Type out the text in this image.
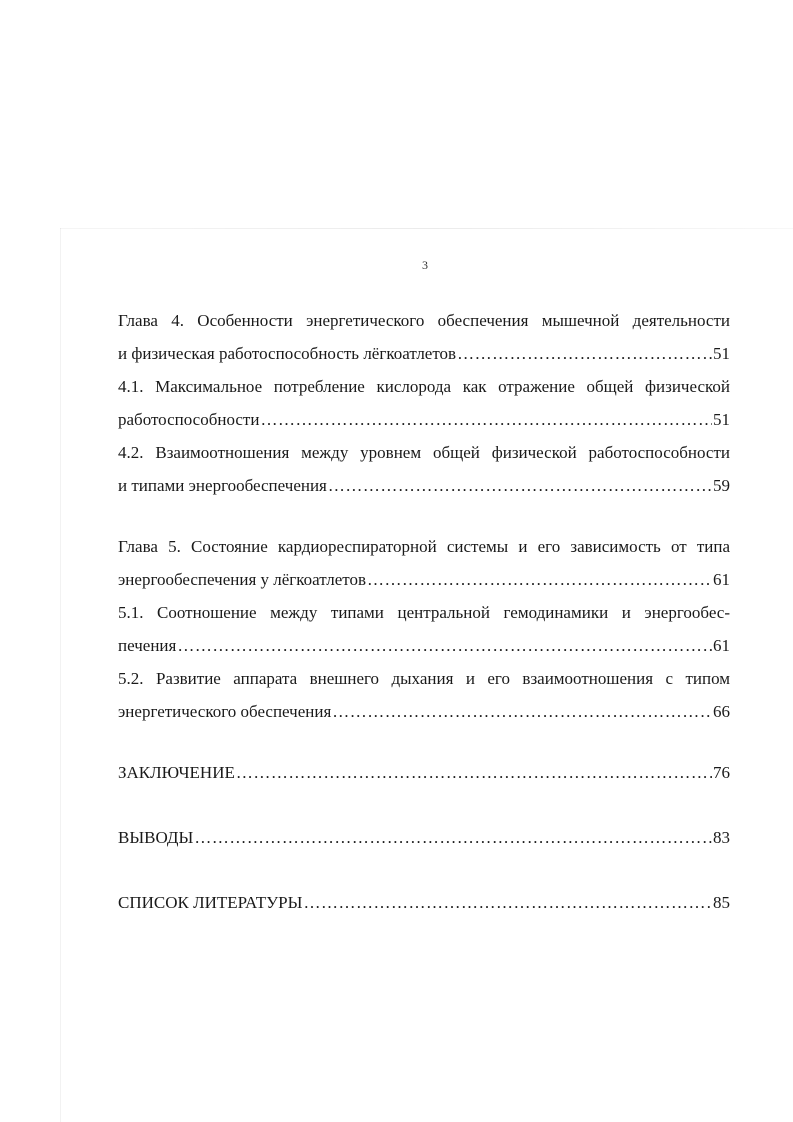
3
Глава 4. Особенности энергетического обеспечения мышечной деятельности
и физическая работоспособность лёгкоатлетов ……………………………………………………………………………………………………………………………………………………………………………	51
4.1. Максимальное потребление кислорода как отражение общей физической
работоспособности ……………………………………………………………………………………………………………………………………………………………………………	51
4.2. Взаимоотношения между уровнем общей физической работоспособности
и типами энергообеспечения ……………………………………………………………………………………………………………………………………………………………………………	59
Глава 5. Состояние кардиореспираторной системы и его зависимость от типа
энергообеспечения у лёгкоатлетов ……………………………………………………………………………………………………………………………………………………………………………	61
5.1. Соотношение между типами центральной гемодинамики и энергообес-
печения ……………………………………………………………………………………………………………………………………………………………………………	61
5.2. Развитие аппарата внешнего дыхания и его взаимоотношения с типом
энергетического обеспечения ……………………………………………………………………………………………………………………………………………………………………………	66
ЗАКЛЮЧЕНИЕ ……………………………………………………………………………………………………………………………………………………………………………	76
ВЫВОДЫ ……………………………………………………………………………………………………………………………………………………………………………	83
СПИСОК ЛИТЕРАТУРЫ ……………………………………………………………………………………………………………………………………………………………………………	85
